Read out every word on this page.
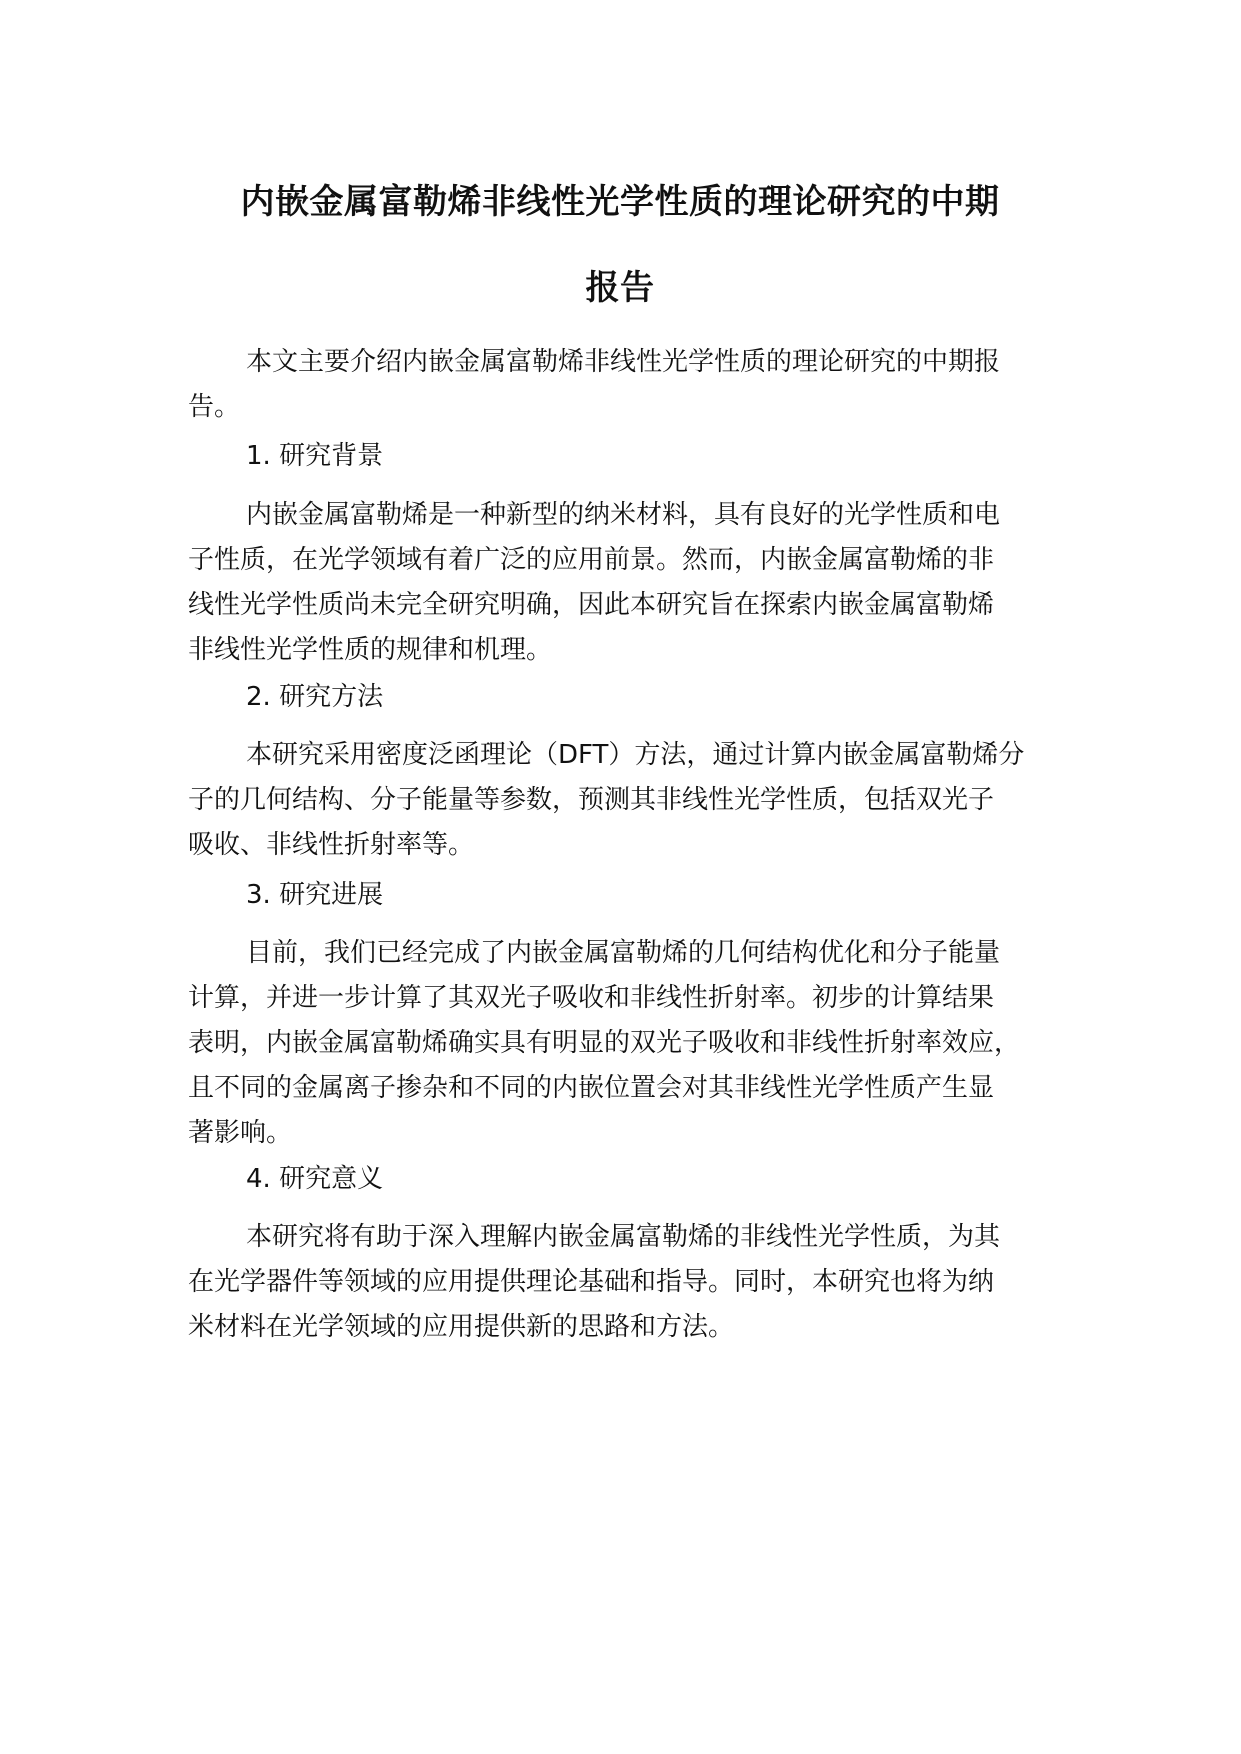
内嵌金属富勒烯非线性光学性质的理论研究的中期
报告
本文主要介绍内嵌金属富勒烯非线性光学性质的理论研究的中期报
告。
1. 研究背景
内嵌金属富勒烯是一种新型的纳米材料，具有良好的光学性质和电
子性质，在光学领域有着广泛的应用前景。然而，内嵌金属富勒烯的非
线性光学性质尚未完全研究明确，因此本研究旨在探索内嵌金属富勒烯
非线性光学性质的规律和机理。
2. 研究方法
本研究采用密度泛函理论（DFT）方法，通过计算内嵌金属富勒烯分
子的几何结构、分子能量等参数，预测其非线性光学性质，包括双光子
吸收、非线性折射率等。
3. 研究进展
目前，我们已经完成了内嵌金属富勒烯的几何结构优化和分子能量
计算，并进一步计算了其双光子吸收和非线性折射率。初步的计算结果
表明，内嵌金属富勒烯确实具有明显的双光子吸收和非线性折射率效应，
且不同的金属离子掺杂和不同的内嵌位置会对其非线性光学性质产生显
著影响。
4. 研究意义
本研究将有助于深入理解内嵌金属富勒烯的非线性光学性质，为其
在光学器件等领域的应用提供理论基础和指导。同时，本研究也将为纳
米材料在光学领域的应用提供新的思路和方法。
